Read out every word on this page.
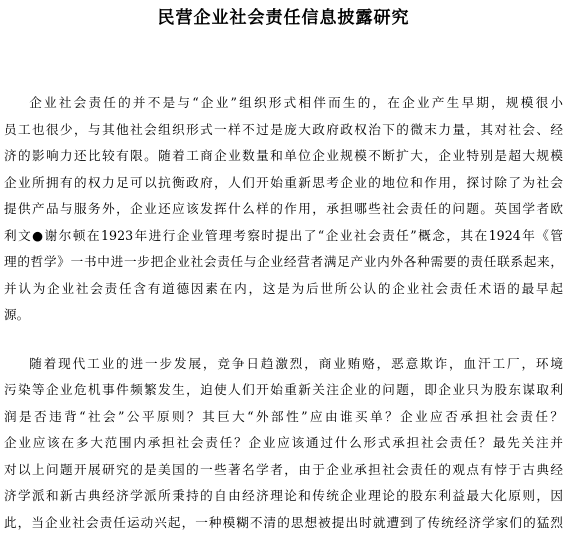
民营企业社会责任信息披露研究

企业社会责任的并不是与“企业”组织形式相伴而生的，在企业产生早期，规模很小

员工也很少，与其他社会组织形式一样不过是庞大政府政权治下的微末力量，其对社会、经

济的影响力还比较有限。随着工商企业数量和单位企业规模不断扩大，企业特别是超大规模

企业所拥有的权力足可以抗衡政府，人们开始重新思考企业的地位和作用，探讨除了为社会

提供产品与服务外，企业还应该发挥什么样的作用，承担哪些社会责任的问题。英国学者欧

利文●谢尔顿在1923年进行企业管理考察时提出了“企业社会责任”概念，其在1924年《管

理的哲学》一书中进一步把企业社会责任与企业经营者满足产业内外各种需要的责任联系起来，

并认为企业社会责任含有道德因素在内，这是为后世所公认的企业社会责任术语的最早起

源。

随着现代工业的进一步发展，竞争日趋激烈，商业贿赂，恶意欺诈，血汗工厂，环境

污染等企业危机事件频繁发生，迫使人们开始重新关注企业的问题，即企业只为股东谋取利

润是否违背“社会”公平原则？其巨大“外部性”应由谁买单？企业应否承担社会责任？

企业应该在多大范围内承担社会责任？企业应该通过什么形式承担社会责任？最先关注并

对以上问题开展研究的是美国的一些著名学者，由于企业承担社会责任的观点有悖于古典经

济学派和新古典经济学派所秉持的自由经济理论和传统企业理论的股东利益最大化原则，因

此，当企业社会责任运动兴起，一种模糊不清的思想被提出时就遭到了传统经济学家们的猛烈
